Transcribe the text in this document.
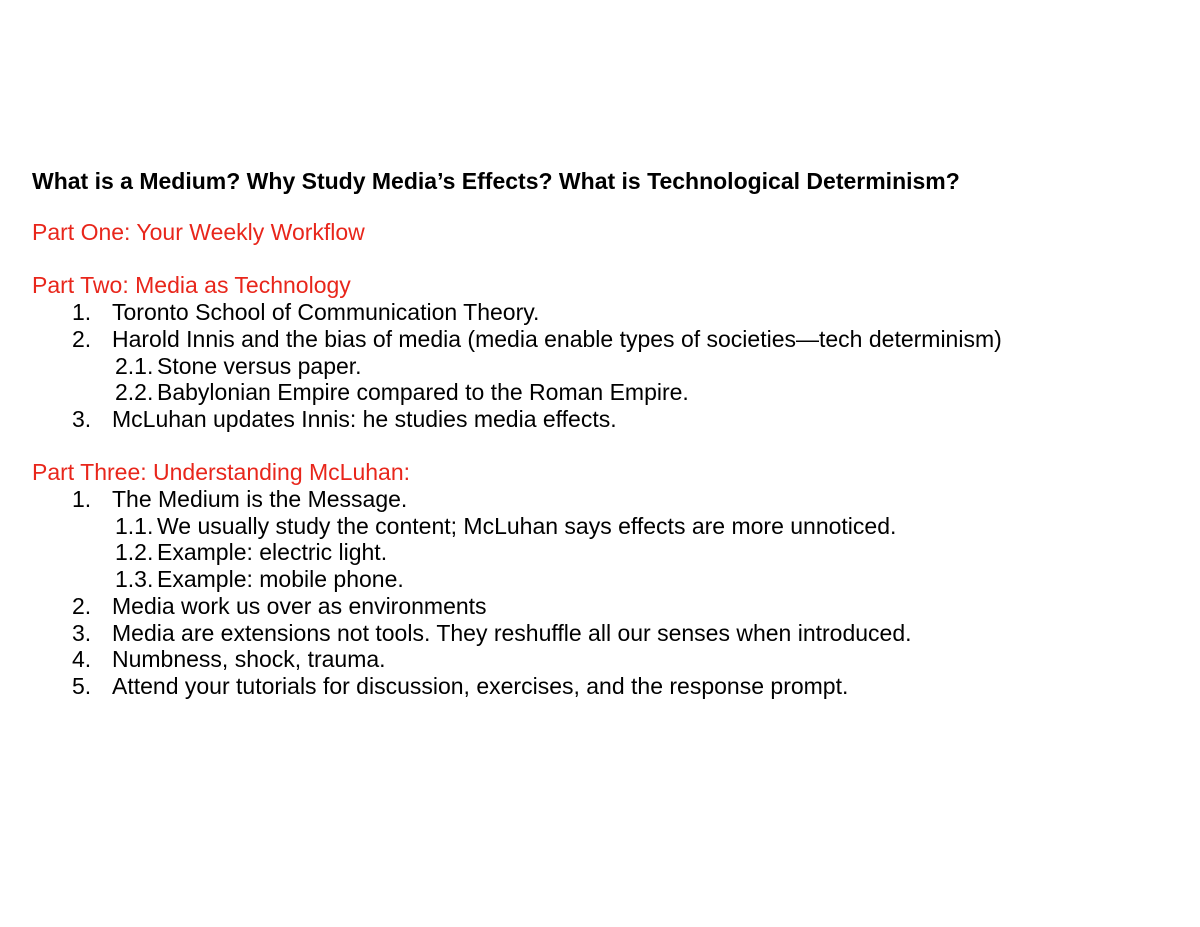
What is a Medium? Why Study Media’s Effects? What is Technological Determinism?
Part One: Your Weekly Workflow
Part Two: Media as Technology
1. Toronto School of Communication Theory.
2. Harold Innis and the bias of media (media enable types of societies—tech determinism)
2.1. Stone versus paper.
2.2. Babylonian Empire compared to the Roman Empire.
3. McLuhan updates Innis: he studies media effects.
Part Three: Understanding McLuhan:
1. The Medium is the Message.
1.1. We usually study the content; McLuhan says effects are more unnoticed.
1.2. Example: electric light.
1.3. Example: mobile phone.
2. Media work us over as environments
3. Media are extensions not tools. They reshuffle all our senses when introduced.
4. Numbness, shock, trauma.
5. Attend your tutorials for discussion, exercises, and the response prompt.
